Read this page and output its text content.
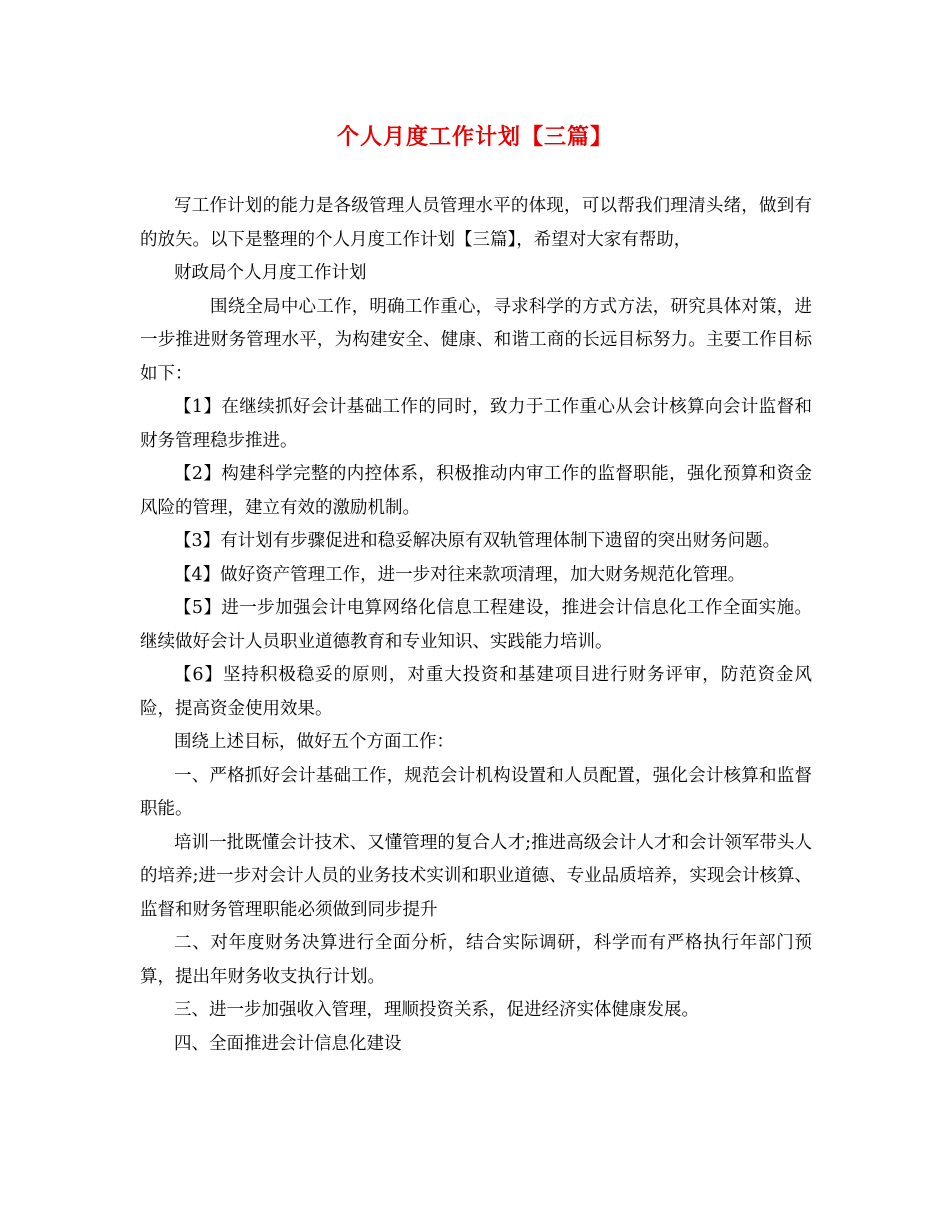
个人月度工作计划【三篇】

写工作计划的能力是各级管理人员管理水平的体现，可以帮我们理清头绪，做到有的放矢。以下是整理的个人月度工作计划【三篇】，希望对大家有帮助，

财政局个人月度工作计划

围绕全局中心工作，明确工作重心，寻求科学的方式方法，研究具体对策，进一步推进财务管理水平，为构建安全、健康、和谐工商的长远目标努力。主要工作目标如下：

【1】在继续抓好会计基础工作的同时，致力于工作重心从会计核算向会计监督和财务管理稳步推进。

【2】构建科学完整的内控体系，积极推动内审工作的监督职能，强化预算和资金风险的管理，建立有效的激励机制。

【3】有计划有步骤促进和稳妥解决原有双轨管理体制下遗留的突出财务问题。

【4】做好资产管理工作，进一步对往来款项清理，加大财务规范化管理。

【5】进一步加强会计电算网络化信息工程建设，推进会计信息化工作全面实施。继续做好会计人员职业道德教育和专业知识、实践能力培训。

【6】坚持积极稳妥的原则，对重大投资和基建项目进行财务评审，防范资金风险，提高资金使用效果。

围绕上述目标，做好五个方面工作：

一、严格抓好会计基础工作，规范会计机构设置和人员配置，强化会计核算和监督职能。

培训一批既懂会计技术、又懂管理的复合人才;推进高级会计人才和会计领军带头人的培养;进一步对会计人员的业务技术实训和职业道德、专业品质培养，实现会计核算、监督和财务管理职能必须做到同步提升

二、对年度财务决算进行全面分析，结合实际调研，科学而有严格执行年部门预算，提出年财务收支执行计划。

三、进一步加强收入管理，理顺投资关系，促进经济实体健康发展。

四、全面推进会计信息化建设
